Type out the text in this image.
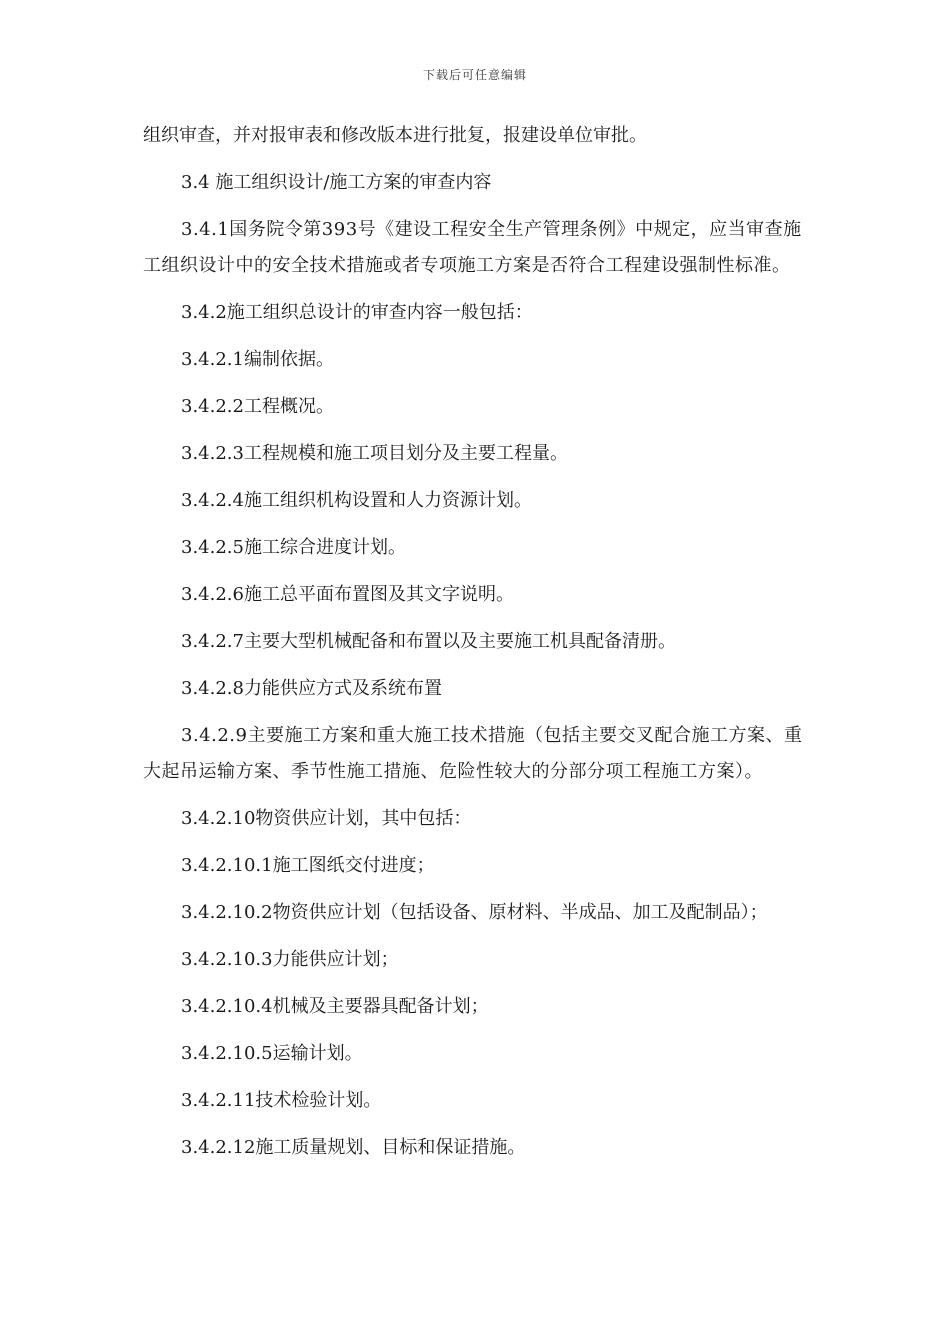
下载后可任意编辑

组织审查，并对报审表和修改版本进行批复，报建设单位审批。

3.4 施工组织设计/施工方案的审查内容

3.4.1国务院令第393号《建设工程安全生产管理条例》中规定，应当审查施工组织设计中的安全技术措施或者专项施工方案是否符合工程建设强制性标准。

3.4.2施工组织总设计的审查内容一般包括：

3.4.2.1编制依据。

3.4.2.2工程概况。

3.4.2.3工程规模和施工项目划分及主要工程量。

3.4.2.4施工组织机构设置和人力资源计划。

3.4.2.5施工综合进度计划。

3.4.2.6施工总平面布置图及其文字说明。

3.4.2.7主要大型机械配备和布置以及主要施工机具配备清册。

3.4.2.8力能供应方式及系统布置

3.4.2.9主要施工方案和重大施工技术措施（包括主要交叉配合施工方案、重大起吊运输方案、季节性施工措施、危险性较大的分部分项工程施工方案）。

3.4.2.10物资供应计划，其中包括：

3.4.2.10.1施工图纸交付进度；

3.4.2.10.2物资供应计划（包括设备、原材料、半成品、加工及配制品）；

3.4.2.10.3力能供应计划；

3.4.2.10.4机械及主要器具配备计划；

3.4.2.10.5运输计划。

3.4.2.11技术检验计划。

3.4.2.12施工质量规划、目标和保证措施。
